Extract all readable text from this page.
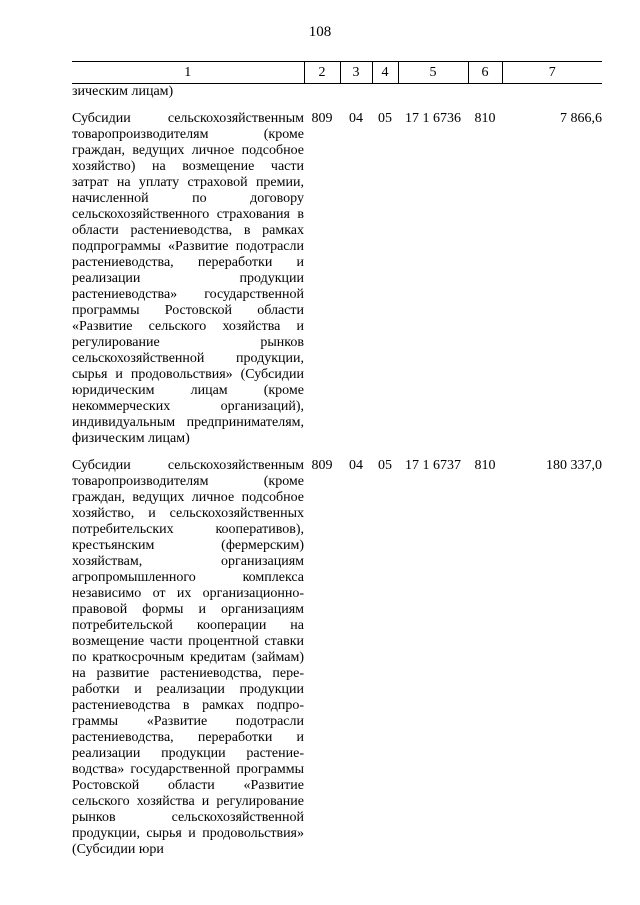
108
1	2	3	4	5	6	7
зическим лицам)						

Субсидии сельскохозяйственным товаропроизводителям (кроме граждан, ведущих личное подсобное хозяйство) на возмещение части затрат на уплату страховой премии, начисленной по договору сельскохозяйственного страхования в области растениеводства, в рамках подпрограммы «Развитие подотрасли растениеводства, переработки и реализации продукции растениеводства» государственной программы Ростовской области «Развитие сельского хозяйства и регулирование рынков сельскохозяйственной продукции, сырья и продовольствия» (Субсидии юридическим лицам (кроме некоммерческих организаций), индивидуальным предпринимателям, физическим лицам)	809	04	05	17 1 6736	810	7 866,6

Субсидии сельскохозяйственным товаропроизводителям (кроме граждан, ведущих личное подсобное хозяйство, и сельскохозяйственных потребительских кооперативов), крестьянским (фермерским) хозяйствам, организациям агропромышленного комплекса независимо от их организационно-правовой формы и организациям потребительской кооперации на возмещение части процентной ставки по краткосрочным кредитам (займам) на развитие растениеводства, переработки и реализации продукции растениеводства в рамках подпрограммы «Развитие подотрасли растениеводства, переработки и реализации продукции растениеводства» государственной программы Ростовской области «Развитие сельского хозяйства и регулирование рынков сельскохозяйственной продукции, сырья и продовольствия» (Субсидии юри	809	04	05	17 1 6737	810	180 337,0
